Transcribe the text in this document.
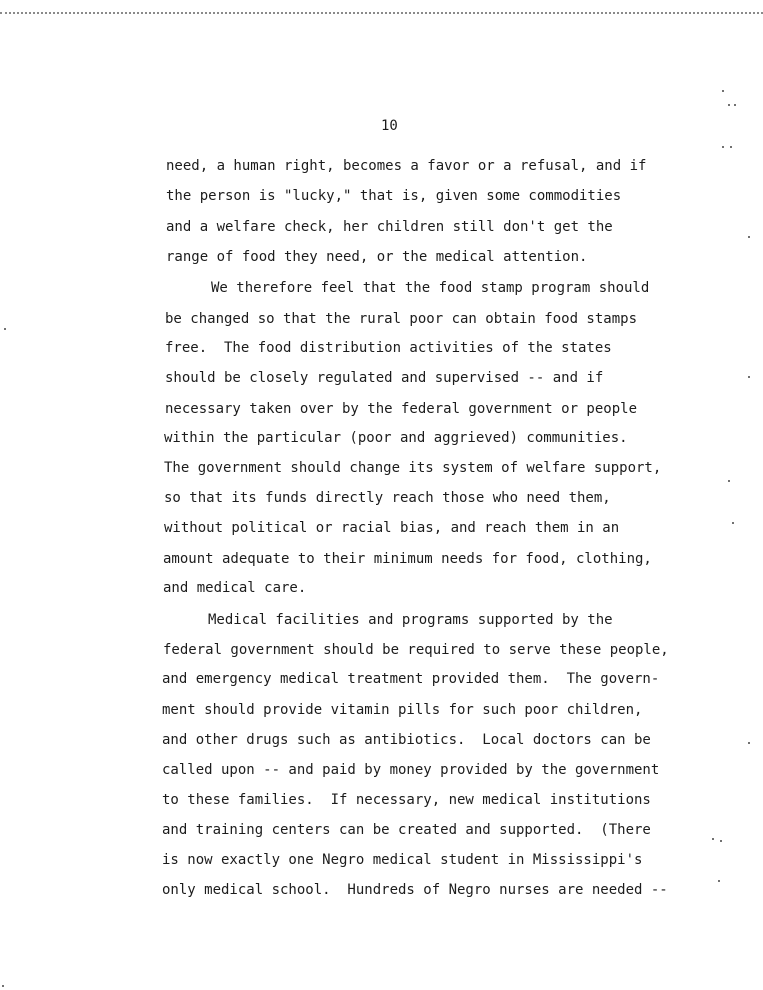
10
need, a human right, becomes a favor or a refusal, and if
the person is "lucky," that is, given some commodities
and a welfare check, her children still don't get the
range of food they need, or the medical attention.
We therefore feel that the food stamp program should
be changed so that the rural poor can obtain food stamps
free.  The food distribution activities of the states
should be closely regulated and supervised -- and if
necessary taken over by the federal government or people
within the particular (poor and aggrieved) communities.
The government should change its system of welfare support,
so that its funds directly reach those who need them,
without political or racial bias, and reach them in an
amount adequate to their minimum needs for food, clothing,
and medical care.
Medical facilities and programs supported by the
federal government should be required to serve these people,
and emergency medical treatment provided them.  The govern-
ment should provide vitamin pills for such poor children,
and other drugs such as antibiotics.  Local doctors can be
called upon -- and paid by money provided by the government
to these families.  If necessary, new medical institutions
and training centers can be created and supported.  (There
is now exactly one Negro medical student in Mississippi's
only medical school.  Hundreds of Negro nurses are needed --
